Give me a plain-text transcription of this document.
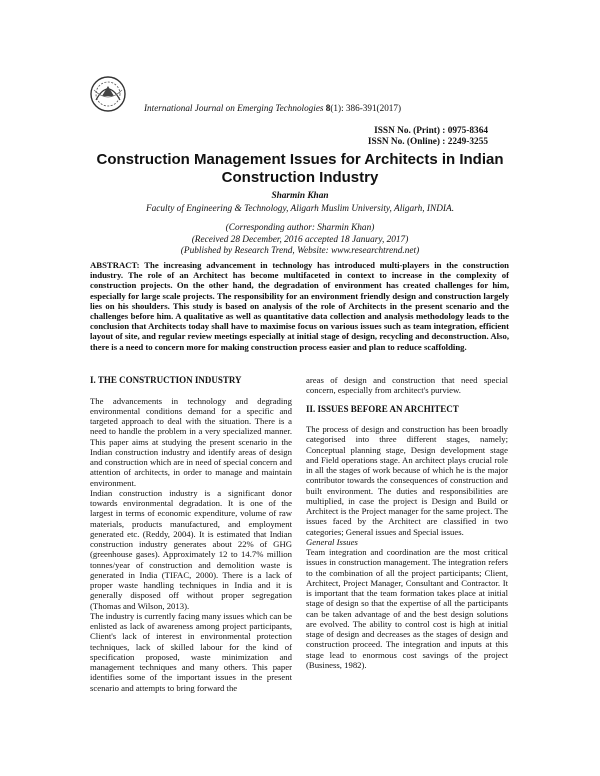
International Journal on Emerging Technologies 8(1): 386-391(2017)
ISSN No. (Print) : 0975-8364
ISSN No. (Online) : 2249-3255
Construction Management Issues for Architects in Indian Construction Industry
Sharmin Khan
Faculty of Engineering & Technology, Aligarh Muslim University, Aligarh, INDIA.
(Corresponding author: Sharmin Khan)
(Received 28 December, 2016 accepted 18 January, 2017)
(Published by Research Trend, Website: www.researchtrend.net)
ABSTRACT: The increasing advancement in technology has introduced multi-players in the construction industry. The role of an Architect has become multifaceted in context to increase in the complexity of construction projects. On the other hand, the degradation of environment has created challenges for him, especially for large scale projects. The responsibility for an environment friendly design and construction largely lies on his shoulders. This study is based on analysis of the role of Architects in the present scenario and the challenges before him. A qualitative as well as quantitative data collection and analysis methodology leads to the conclusion that Architects today shall have to maximise focus on various issues such as team integration, efficient layout of site, and regular review meetings especially at initial stage of design, recycling and deconstruction. Also, there is a need to concern more for making construction process easier and plan to reduce scaffolding.
I. THE CONSTRUCTION INDUSTRY

The advancements in technology and degrading environmental conditions demand for a specific and targeted approach to deal with the situation. There is a need to handle the problem in a very specialized manner. This paper aims at studying the present scenario in the Indian construction industry and identify areas of design and construction which are in need of special concern and attention of architects, in order to manage and maintain environment.

Indian construction industry is a significant donor towards environmental degradation. It is one of the largest in terms of economic expenditure, volume of raw materials, products manufactured, and employment generated etc. (Reddy, 2004). It is estimated that Indian construction industry generates about 22% of GHG (greenhouse gases). Approximately 12 to 14.7% million tonnes/year of construction and demolition waste is generated in India (TIFAC, 2000). There is a lack of proper waste handling techniques in India and it is generally disposed off without proper segregation (Thomas and Wilson, 2013).

The industry is currently facing many issues which can be enlisted as lack of awareness among project participants, Client's lack of interest in environmental protection techniques, lack of skilled labour for the kind of specification proposed, waste minimization and management techniques and many others. This paper identifies some of the important issues in the present scenario and attempts to bring forward the

areas of design and construction that need special concern, especially from architect's purview.

II. ISSUES BEFORE AN ARCHITECT

The process of design and construction has been broadly categorised into three different stages, namely; Conceptual planning stage, Design development stage and Field operations stage. An architect plays crucial role in all the stages of work because of which he is the major contributor towards the consequences of construction and built environment. The duties and responsibilities are multiplied, in case the project is Design and Build or Architect is the Project manager for the same project. The issues faced by the Architect are classified in two categories; General issues and Special issues.

General Issues

Team integration and coordination are the most critical issues in construction management. The integration refers to the combination of all the project participants; Client, Architect, Project Manager, Consultant and Contractor. It is important that the team formation takes place at initial stage of design so that the expertise of all the participants can be taken advantage of and the best design solutions are evolved. The ability to control cost is high at initial stage of design and decreases as the stages of design and construction proceed. The integration and inputs at this stage lead to enormous cost savings of the project (Business, 1982).
